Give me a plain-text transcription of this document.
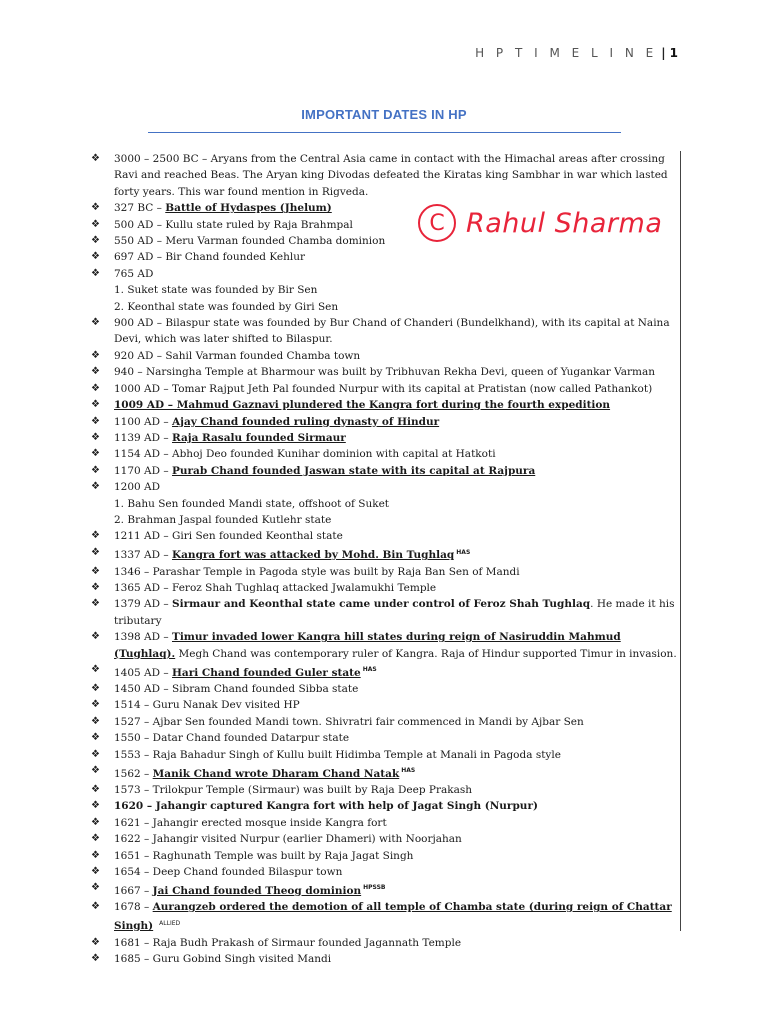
H P T I M E L I N E | 1
IMPORTANT DATES IN HP
C Rahul Sharma
❖ 3000 – 2500 BC – Aryans from the Central Asia came in contact with the Himachal areas after crossing Ravi and reached Beas. The Aryan king Divodas defeated the Kiratas king Sambhar in war which lasted forty years. This war found mention in Rigveda.
❖ 327 BC – Battle of Hydaspes (Jhelum)
❖ 500 AD – Kullu state ruled by Raja Brahmpal
❖ 550 AD – Meru Varman founded Chamba dominion
❖ 697 AD – Bir Chand founded Kehlur
❖ 765 AD
1. Suket state was founded by Bir Sen
2. Keonthal state was founded by Giri Sen
❖ 900 AD – Bilaspur state was founded by Bur Chand of Chanderi (Bundelkhand), with its capital at Naina Devi, which was later shifted to Bilaspur.
❖ 920 AD – Sahil Varman founded Chamba town
❖ 940 – Narsingha Temple at Bharmour was built by Tribhuvan Rekha Devi, queen of Yugankar Varman
❖ 1000 AD – Tomar Rajput Jeth Pal founded Nurpur with its capital at Pratistan (now called Pathankot)
❖ 1009 AD – Mahmud Gaznavi plundered the Kangra fort during the fourth expedition
❖ 1100 AD – Ajay Chand founded ruling dynasty of Hindur
❖ 1139 AD – Raja Rasalu founded Sirmaur
❖ 1154 AD – Abhoj Deo founded Kunihar dominion with capital at Hatkoti
❖ 1170 AD – Purab Chand founded Jaswan state with its capital at Rajpura
❖ 1200 AD
1. Bahu Sen founded Mandi state, offshoot of Suket
2. Brahman Jaspal founded Kutlehr state
❖ 1211 AD – Giri Sen founded Keonthal state
❖ 1337 AD – Kangra fort was attacked by Mohd. Bin Tughlaq $^{HAS}$
❖ 1346 – Parashar Temple in Pagoda style was built by Raja Ban Sen of Mandi
❖ 1365 AD – Feroz Shah Tughlaq attacked Jwalamukhi Temple
❖ 1379 AD – Sirmaur and Keonthal state came under control of Feroz Shah Tughlaq. He made it his tributary
❖ 1398 AD – Timur invaded lower Kangra hill states during reign of Nasiruddin Mahmud (Tughlaq). Megh Chand was contemporary ruler of Kangra. Raja of Hindur supported Timur in invasion.
❖ 1405 AD – Hari Chand founded Guler state $^{HAS}$
❖ 1450 AD – Sibram Chand founded Sibba state
❖ 1514 – Guru Nanak Dev visited HP
❖ 1527 – Ajbar Sen founded Mandi town. Shivratri fair commenced in Mandi by Ajbar Sen
❖ 1550 – Datar Chand founded Datarpur state
❖ 1553 – Raja Bahadur Singh of Kullu built Hidimba Temple at Manali in Pagoda style
❖ 1562 – Manik Chand wrote Dharam Chand Natak $^{HAS}$
❖ 1573 – Trilokpur Temple (Sirmaur) was built by Raja Deep Prakash
❖ 1620 – Jahangir captured Kangra fort with help of Jagat Singh (Nurpur)
❖ 1621 – Jahangir erected mosque inside Kangra fort
❖ 1622 – Jahangir visited Nurpur (earlier Dhameri) with Noorjahan
❖ 1651 – Raghunath Temple was built by Raja Jagat Singh
❖ 1654 – Deep Chand founded Bilaspur town
❖ 1667 – Jai Chand founded Theog dominion $^{HPSSB}$
❖ 1678 – Aurangzeb ordered the demotion of all temple of Chamba state (during reign of Chattar Singh) $^{ALLIED}$
❖ 1681 – Raja Budh Prakash of Sirmaur founded Jagannath Temple
❖ 1685 – Guru Gobind Singh visited Mandi
